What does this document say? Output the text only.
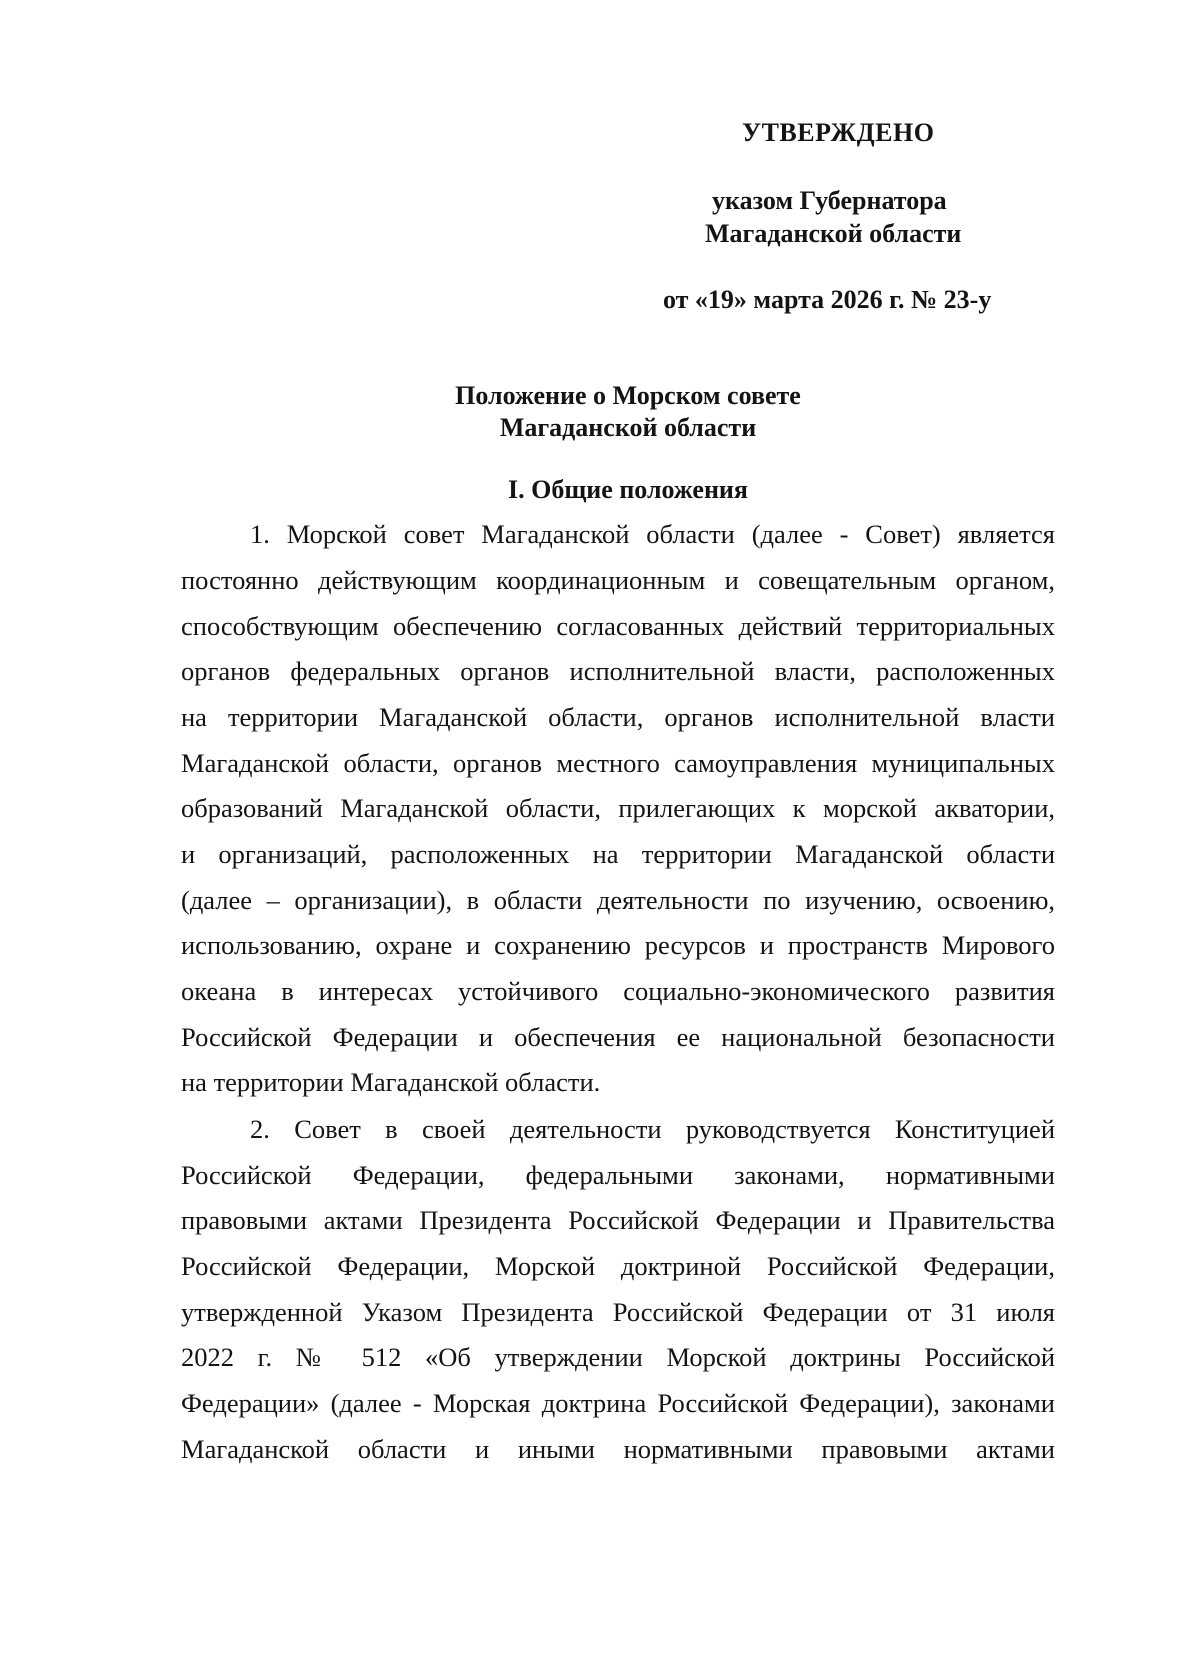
УТВЕРЖДЕНО
указом Губернатора
Магаданской области
от «19» марта 2026 г. № 23-у
Положение о Морском совете
Магаданской области
I. Общие положения
1. Морской совет Магаданской области (далее - Совет) является
постоянно действующим координационным и совещательным органом,
способствующим обеспечению согласованных действий территориальных
органов федеральных органов исполнительной власти, расположенных
на территории Магаданской области, органов исполнительной власти
Магаданской области, органов местного самоуправления муниципальных
образований Магаданской области, прилегающих к морской акватории,
и организаций, расположенных на территории Магаданской области
(далее – организации), в области деятельности по изучению, освоению,
использованию, охране и сохранению ресурсов и пространств Мирового
океана в интересах устойчивого социально-экономического развития
Российской Федерации и обеспечения ее национальной безопасности
на территории Магаданской области.
2. Совет в своей деятельности руководствуется Конституцией
Российской Федерации, федеральными законами, нормативными
правовыми актами Президента Российской Федерации и Правительства
Российской Федерации, Морской доктриной Российской Федерации,
утвержденной Указом Президента Российской Федерации от 31 июля
2022 г. № 512 «Об утверждении Морской доктрины Российской
Федерации» (далее - Морская доктрина Российской Федерации), законами
Магаданской области и иными нормативными правовыми актами
